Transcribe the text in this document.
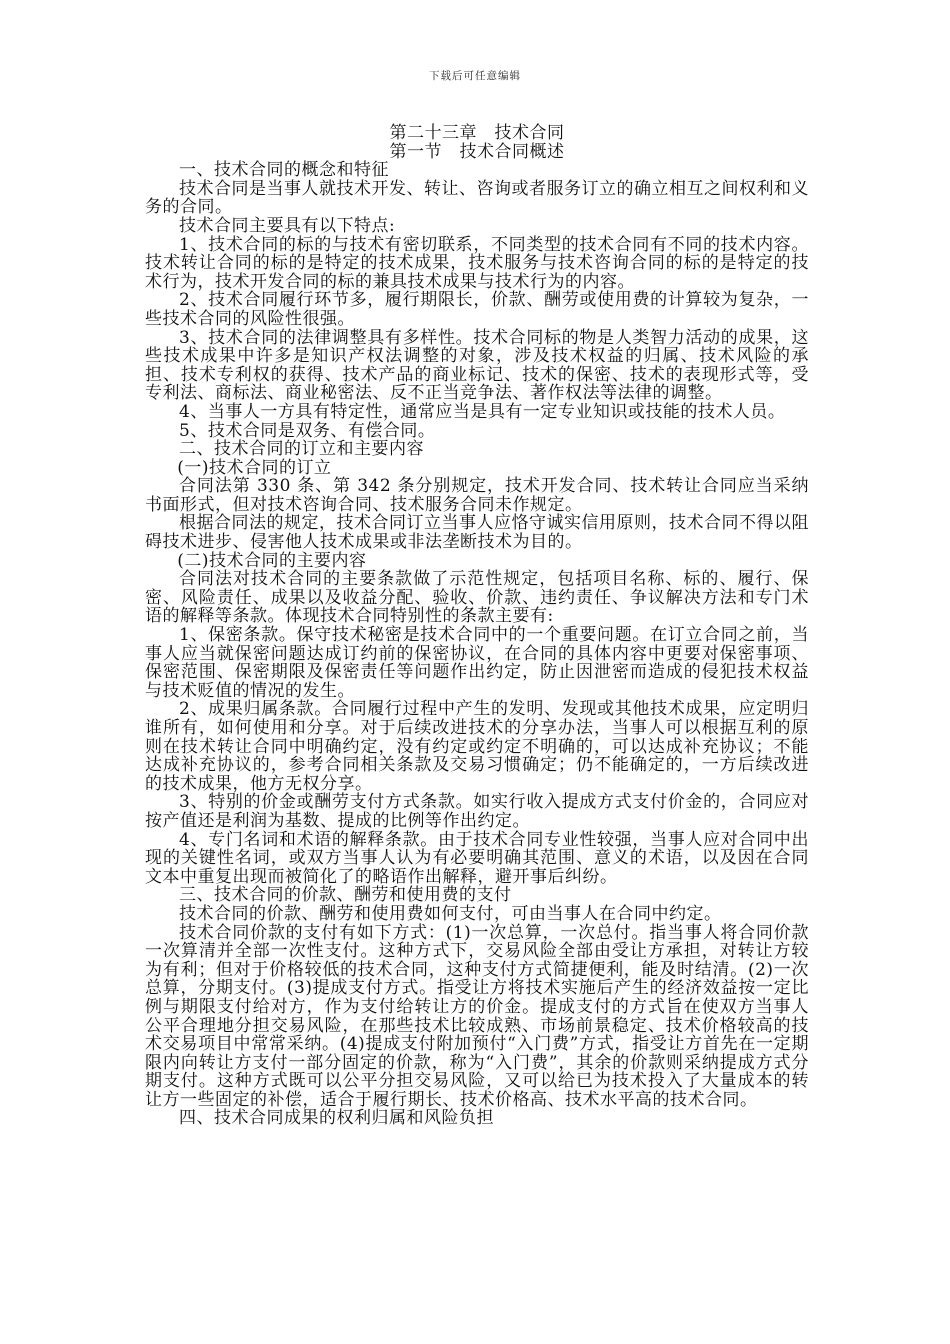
下载后可任意编辑
第二十三章　技术合同
第一节　技术合同概述

一、技术合同的概念和特征

技术合同是当事人就技术开发、转让、咨询或者服务订立的确立相互之间权利和义务的合同。

技术合同主要具有以下特点:

1、技术合同的标的与技术有密切联系，不同类型的技术合同有不同的技术内容。技术转让合同的标的是特定的技术成果，技术服务与技术咨询合同的标的是特定的技术行为，技术开发合同的标的兼具技术成果与技术行为的内容。

2、技术合同履行环节多，履行期限长，价款、酬劳或使用费的计算较为复杂，一些技术合同的风险性很强。

3、技术合同的法律调整具有多样性。技术合同标的物是人类智力活动的成果，这些技术成果中许多是知识产权法调整的对象，涉及技术权益的归属、技术风险的承担、技术专利权的获得、技术产品的商业标记、技术的保密、技术的表现形式等，受专利法、商标法、商业秘密法、反不正当竞争法、著作权法等法律的调整。

4、当事人一方具有特定性，通常应当是具有一定专业知识或技能的技术人员。

5、技术合同是双务、有偿合同。

二、技术合同的订立和主要内容

(一)技术合同的订立

合同法第 330 条、第 342 条分别规定，技术开发合同、技术转让合同应当采纳书面形式，但对技术咨询合同、技术服务合同未作规定。

根据合同法的规定，技术合同订立当事人应恪守诚实信用原则，技术合同不得以阻碍技术进步、侵害他人技术成果或非法垄断技术为目的。

(二)技术合同的主要内容

合同法对技术合同的主要条款做了示范性规定，包括项目名称、标的、履行、保密、风险责任、成果以及收益分配、验收、价款、违约责任、争议解决方法和专门术语的解释等条款。体现技术合同特别性的条款主要有:

1、保密条款。保守技术秘密是技术合同中的一个重要问题。在订立合同之前，当事人应当就保密问题达成订约前的保密协议，在合同的具体内容中更要对保密事项、保密范围、保密期限及保密责任等问题作出约定，防止因泄密而造成的侵犯技术权益与技术贬值的情况的发生。

2、成果归属条款。合同履行过程中产生的发明、发现或其他技术成果，应定明归谁所有，如何使用和分享。对于后续改进技术的分享办法，当事人可以根据互利的原则在技术转让合同中明确约定，没有约定或约定不明确的，可以达成补充协议；不能达成补充协议的，参考合同相关条款及交易习惯确定；仍不能确定的，一方后续改进的技术成果，他方无权分享。

3、特别的价金或酬劳支付方式条款。如实行收入提成方式支付价金的，合同应对按产值还是利润为基数、提成的比例等作出约定。

4、专门名词和术语的解释条款。由于技术合同专业性较强，当事人应对合同中出现的关键性名词，或双方当事人认为有必要明确其范围、意义的术语，以及因在合同文本中重复出现而被简化了的略语作出解释，避开事后纠纷。

三、技术合同的价款、酬劳和使用费的支付

技术合同的价款、酬劳和使用费如何支付，可由当事人在合同中约定。

技术合同价款的支付有如下方式：(1)一次总算，一次总付。指当事人将合同价款一次算清并全部一次性支付。这种方式下，交易风险全部由受让方承担，对转让方较为有利；但对于价格较低的技术合同，这种支付方式简捷便利，能及时结清。(2)一次总算，分期支付。(3)提成支付方式。指受让方将技术实施后产生的经济效益按一定比例与期限支付给对方，作为支付给转让方的价金。提成支付的方式旨在使双方当事人公平合理地分担交易风险，在那些技术比较成熟、市场前景稳定、技术价格较高的技术交易项目中常常采纳。(4)提成支付附加预付“入门费”方式，指受让方首先在一定期限内向转让方支付一部分固定的价款，称为“入门费”，其余的价款则采纳提成方式分期支付。这种方式既可以公平分担交易风险，又可以给已为技术投入了大量成本的转让方一些固定的补偿，适合于履行期长、技术价格高、技术水平高的技术合同。

四、技术合同成果的权利归属和风险负担
